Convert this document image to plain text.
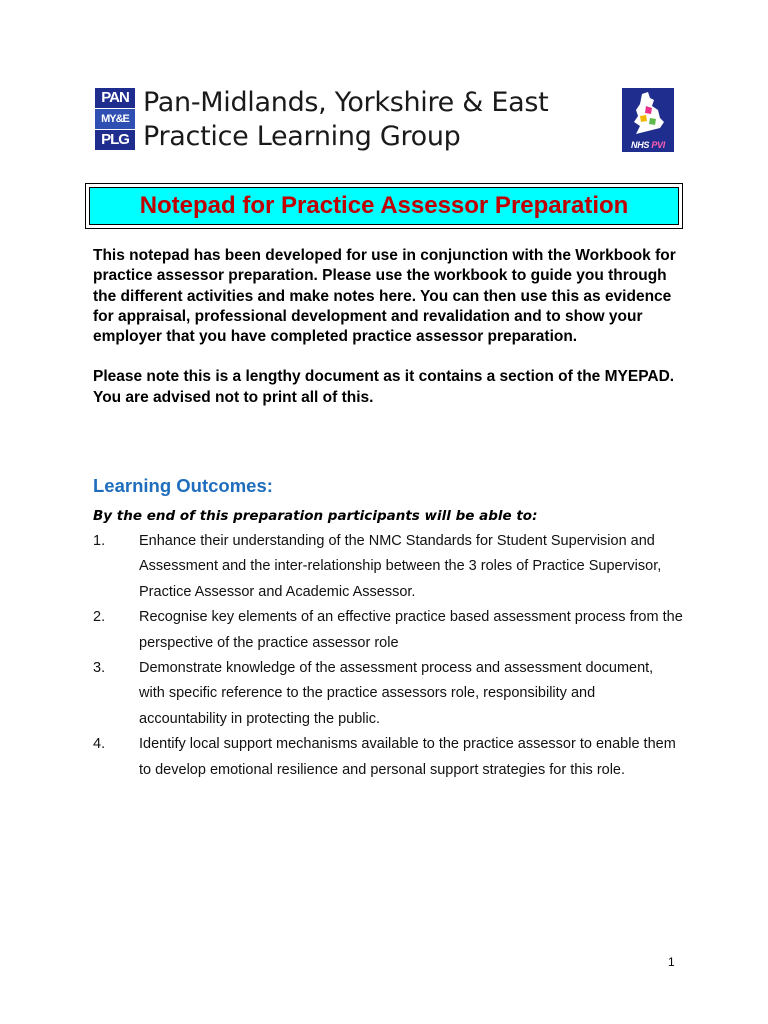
PAN
MY&E
PLG
Pan-Midlands, Yorkshire & East
Practice Learning Group	NHS PVI
Notepad for Practice Assessor Preparation

This notepad has been developed for use in conjunction with the Workbook for practice assessor preparation. Please use the workbook to guide you through the different activities and make notes here. You can then use this as evidence for appraisal, professional development and revalidation and to show your employer that you have completed practice assessor preparation.

Please note this is a lengthy document as it contains a section of the MYEPAD. You are advised not to print all of this.

Learning Outcomes:
By the end of this preparation participants will be able to:
1.	Enhance their understanding of the NMC Standards for Student Supervision and Assessment and the inter-relationship between the 3 roles of Practice Supervisor, Practice Assessor and Academic Assessor.
2.	Recognise key elements of an effective practice based assessment process from the perspective of the practice assessor role
3.	Demonstrate knowledge of the assessment process and assessment document, with specific reference to the practice assessors role, responsibility and accountability in protecting the public.
4.	Identify local support mechanisms available to the practice assessor to enable them to develop emotional resilience and personal support strategies for this role.
1
